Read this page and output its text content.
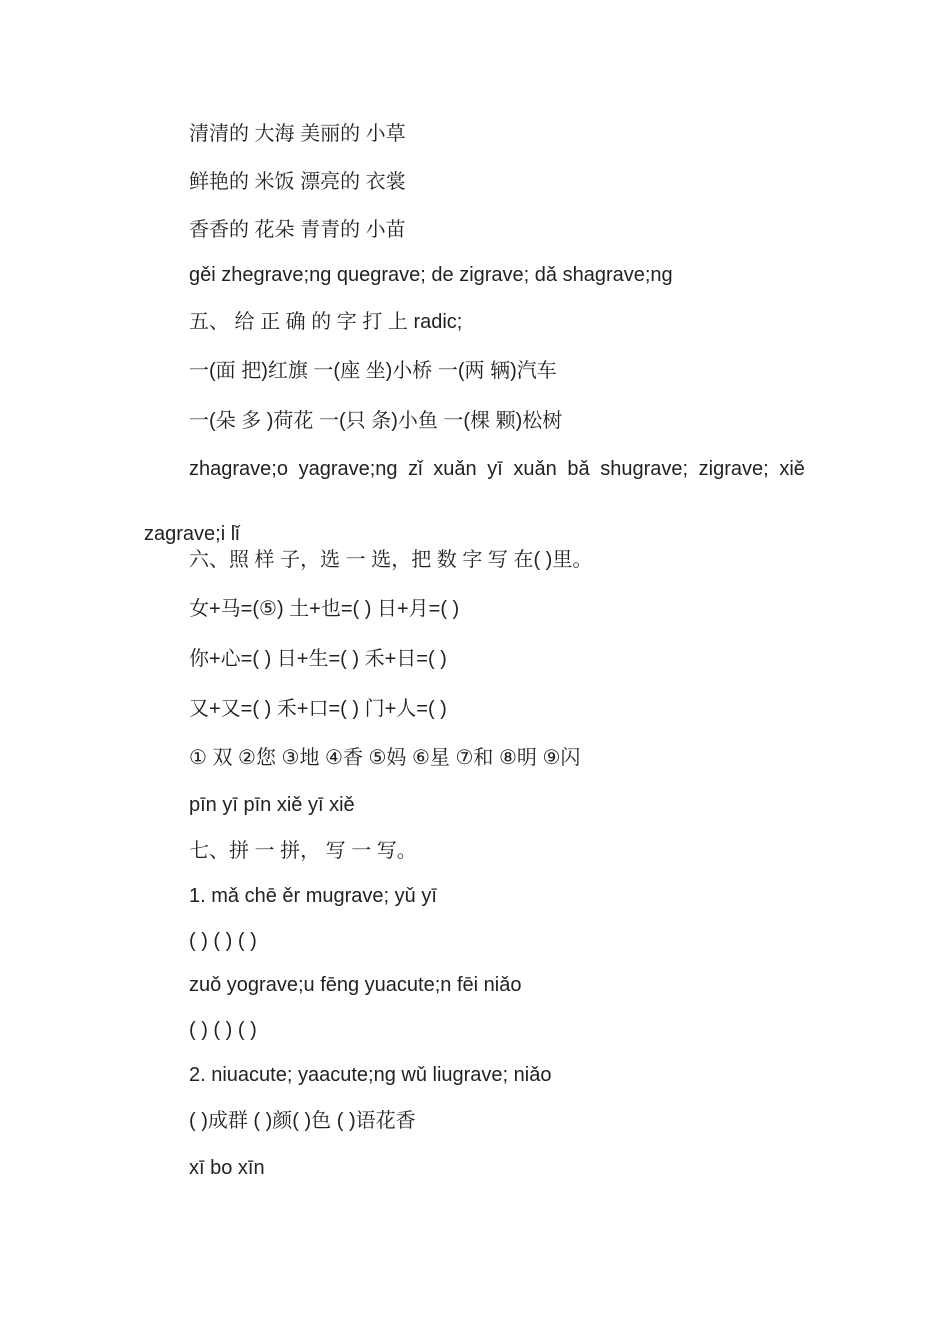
清清的 大海 美丽的 小草

鲜艳的 米饭 漂亮的 衣裳

香香的 花朵 青青的 小苗

gěi zhegrave;ng quegrave; de zigrave; dǎ shagrave;ng

五、 给 正 确 的 字 打 上 radic;

一(面 把)红旗 一(座 坐)小桥 一(两 辆)汽车

一(朵 多 )荷花 一(只 条)小鱼 一(棵 颗)松树

zhagrave;o yagrave;ng zǐ xuǎn yī xuǎn bǎ shugrave; zigrave; xiě

zagrave;i lǐ

六、照 样 子，选 一 选，把 数 字 写 在( )里。

女+马=(⑤) 土+也=( ) 日+月=( )

你+心=( ) 日+生=( ) 禾+日=( )

又+又=( ) 禾+口=( ) 门+人=( )

① 双 ②您 ③地 ④香 ⑤妈 ⑥星 ⑦和 ⑧明 ⑨闪

pīn yī pīn xiě yī xiě

七、拼 一 拼， 写 一 写。

1. mǎ chē ěr mugrave; yǔ yī

( ) ( ) ( )

zuǒ yograve;u fēng yuacute;n fēi niǎo

( ) ( ) ( )

2. niuacute; yaacute;ng wǔ liugrave; niǎo

( )成群 ( )颜( )色 ( )语花香

xī bo xīn
